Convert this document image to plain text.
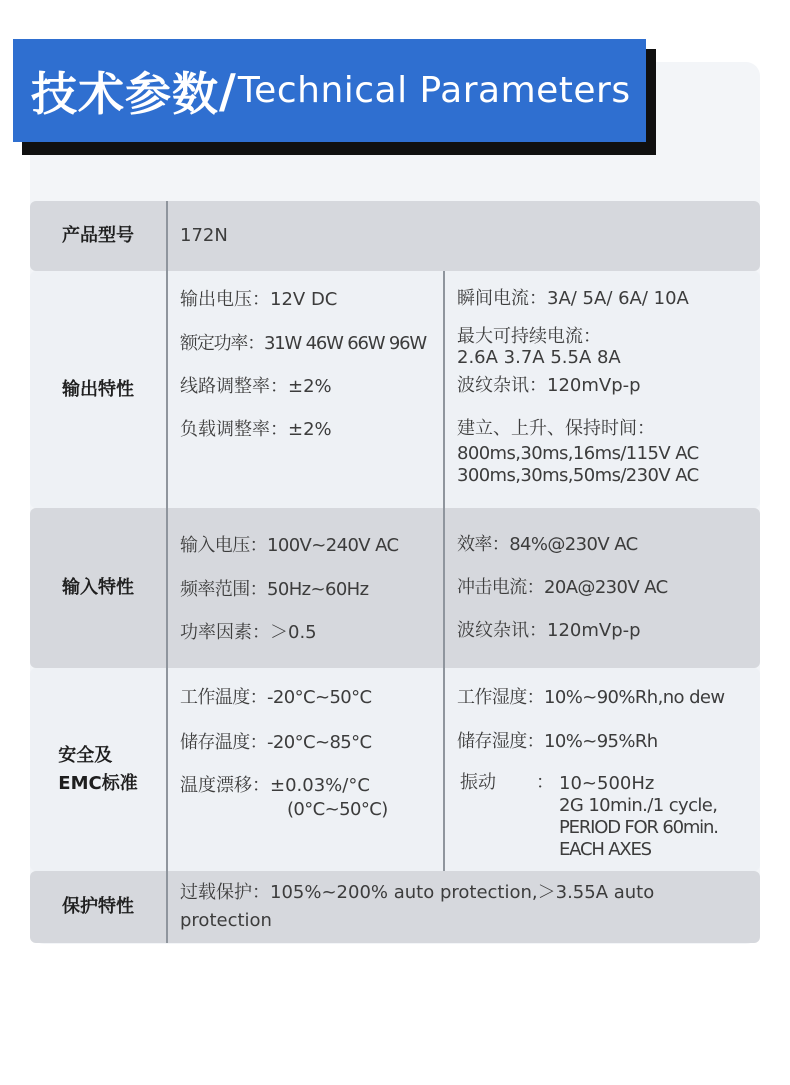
技术参数 / Technical Parameters
产品型号	172N
输出特性
输出电压：12V DC
额定功率：31W 46W 66W 96W
线路调整率：±2%
负载调整率：±2%
瞬间电流：3A/ 5A/ 6A/ 10A
最大可持续电流：
2.6A 3.7A 5.5A 8A
波纹杂讯：120mVp-p
建立、上升、保持时间：
800ms,30ms,16ms/115V AC
300ms,30ms,50ms/230V AC
输入特性
输入电压：100V~240V AC
频率范围：50Hz~60Hz
功率因素：＞0.5
效率：84%@230V AC
冲击电流：20A@230V AC
波纹杂讯：120mVp-p
安全及
EMC标准
工作温度：-20°C~50°C
储存温度：-20°C~85°C
温度漂移：±0.03%/°C
(0°C~50°C)
工作湿度：10%~90%Rh,no dew
储存湿度：10%~95%Rh
振动 ： 10~500Hz
2G 10min./1 cycle,
PERIOD FOR 60min.
EACH AXES
保护特性
过载保护：105%~200% auto protection,＞3.55A auto
protection
